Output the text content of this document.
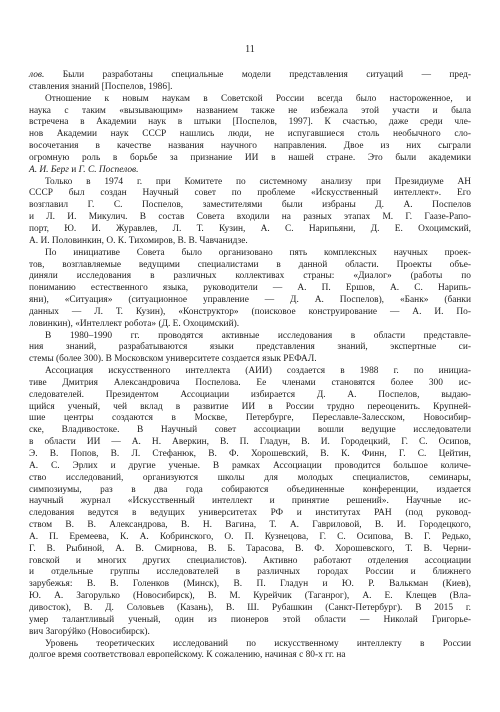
11
лов. Были разработаны специальные модели представления ситуаций — пред-
ставления знаний [Поспелов, 1986].
Отношение к новым наукам в Советской России всегда было настороженное, и
наука с таким «вызывающим» названием также не избежала этой участи и была
встречена в Академии наук в штыки [Поспелов, 1997]. К счастью, даже среди чле-
нов Академии наук СССР нашлись люди, не испугавшиеся столь необычного сло-
восочетания в качестве названия научного направления. Двое из них сыграли
огромную роль в борьбе за признание ИИ в нашей стране. Это были академики
А. И. Берг и Г. С. Поспелов.
Только в 1974 г. при Комитете по системному анализу при Президиуме АН
СССР был создан Научный совет по проблеме «Искусственный интеллект». Его
возглавил Г. С. Поспелов, заместителями были избраны Д. А. Поспелов
и Л. И. Микулич. В состав Совета входили на разных этапах М. Г. Гаазе-Рапо-
порт, Ю. И. Журавлев, Л. Т. Кузин, А. С. Нарипьяни, Д. Е. Охоцимский,
А. И. Половинкин, О. К. Тихомиров, В. В. Чавчанидзе.
По инициативе Совета было организовано пять комплексных научных проек-
тов, возглавляемые ведущими специалистами в данной области. Проекты объе-
диняли исследования в различных коллективах страны: «Диалог» (работы по
пониманию естественного языка, руководители — А. П. Ершов, А. С. Нарипь-
яни), «Ситуация» (ситуационное управление — Д. А. Поспелов), «Банк» (банки
данных — Л. Т. Кузин), «Конструктор» (поисковое конструирование — А. И. По-
ловинкин), «Интеллект робота» (Д. Е. Охоцимский).
В 1980–1990 гг. проводятся активные исследования в области представле-
ния знаний, разрабатываются языки представления знаний, экспертные си-
стемы (более 300). В Московском университете создается язык РЕФАЛ.
Ассоциация искусственного интеллекта (АИИ) создается в 1988 г. по инициа-
тиве Дмитрия Александровича Поспелова. Ее членами становятся более 300 ис-
следователей. Президентом Ассоциации избирается Д. А. Поспелов, выдаю-
щийся ученый, чей вклад в развитие ИИ в России трудно переоценить. Крупней-
шие центры создаются в Москве, Петербурге, Переславле-Залесском, Новосибир-
ске, Владивостоке. В Научный совет ассоциации вошли ведущие исследователи
в области ИИ — А. Н. Аверкин, В. П. Гладун, В. И. Городецкий, Г. С. Осипов,
Э. В. Попов, В. Л. Стефанюк, В. Ф. Хорошевский, В. К. Финн, Г. С. Цейтин,
А. С. Эрлих и другие ученые. В рамках Ассоциации проводится большое количе-
ство исследований, организуются школы для молодых специалистов, семинары,
симпозиумы, раз в два года собираются объединенные конференции, издается
научный журнал «Искусственный интеллект и принятие решений». Научные ис-
следования ведутся в ведущих университетах РФ и институтах РАН (под руковод-
ством В. В. Александрова, В. Н. Вагина, Т. А. Гавриловой, В. И. Городецкого,
А. П. Еремеева, К. А. Кобринского, О. П. Кузнецова, Г. С. Осипова, В. Г. Редько,
Г. В. Рыбиной, А. В. Смирнова, В. Б. Тарасова, В. Ф. Хорошевского, Т. В. Черни-
говской и многих других специалистов). Активно работают отделения ассоциации
и отдельные группы исследователей в различных городах России и ближнего
зарубежья: В. В. Голенков (Минск), В. П. Гладун и Ю. Р. Валькман (Киев),
Ю. А. Загорулько (Новосибирск), В. М. Курейчик (Таганрог), А. Е. Клещев (Вла-
дивосток), В. Д. Соловьев (Казань), В. Ш. Рубашкин (Санкт-Петербург). В 2015 г.
умер талантливый ученый, один из пионеров этой области — Николай Григорье-
вич Загорýйко (Новосибирск).
Уровень теоретических исследований по искусственному интеллекту в России
долгое время соответствовал европейскому. К сожалению, начиная с 80-х гг. на
